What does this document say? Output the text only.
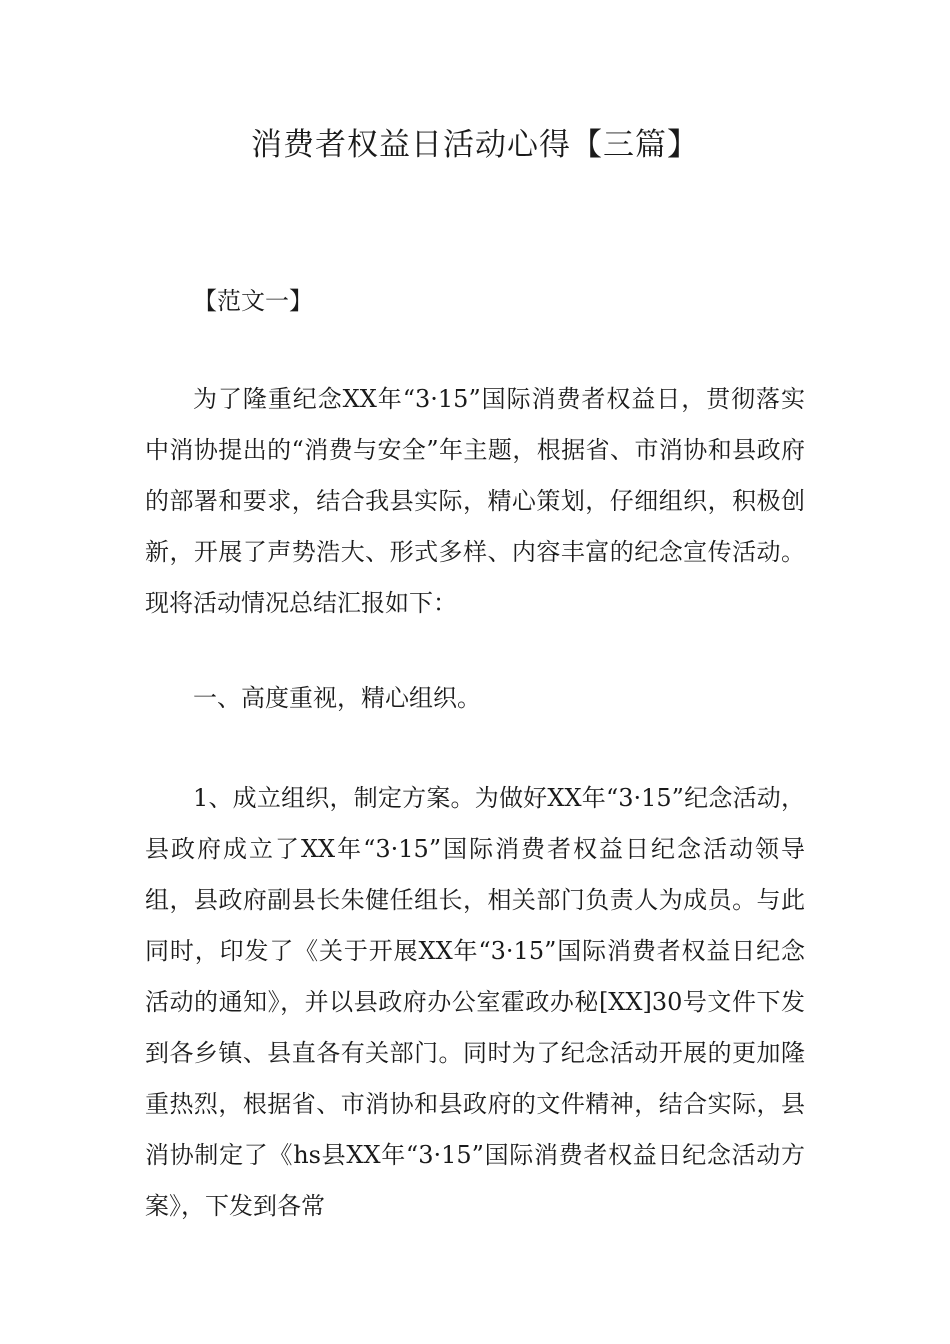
消费者权益日活动心得【三篇】

【范文一】

为了隆重纪念XX年“3·15”国际消费者权益日，贯彻落实中消协提出的“消费与安全”年主题，根据省、市消协和县政府的部署和要求，结合我县实际，精心策划，仔细组织，积极创新，开展了声势浩大、形式多样、内容丰富的纪念宣传活动。现将活动情况总结汇报如下：

一、高度重视，精心组织。

1、成立组织，制定方案。为做好XX年“3·15”纪念活动，县政府成立了XX年“3·15”国际消费者权益日纪念活动领导组，县政府副县长朱健任组长，相关部门负责人为成员。与此同时，印发了《关于开展XX年“3·15”国际消费者权益日纪念活动的通知》，并以县政府办公室霍政办秘[XX]30号文件下发到各乡镇、县直各有关部门。同时为了纪念活动开展的更加隆重热烈，根据省、市消协和县政府的文件精神，结合实际，县消协制定了《hs县XX年“3·15”国际消费者权益日纪念活动方案》，下发到各常
